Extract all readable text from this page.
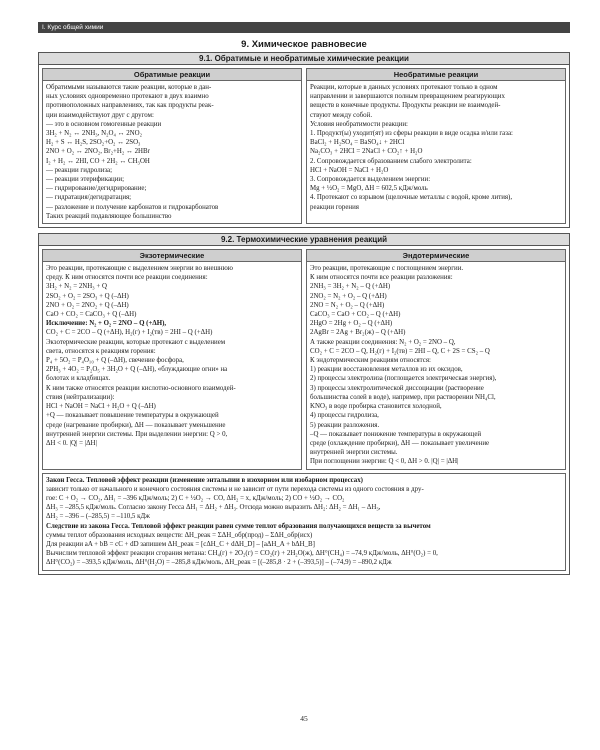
I. Курс общей химии
9. Химическое равновесие
9.1. Обратимые и необратимые химические реакции
Обратимые реакции
Обратимыми называются такие реакции, которые в дан-
ных условиях одновременно протекают в двух взаимно
противоположных направлениях, так как продукты реак-
ции взаимодействуют друг с другом:
— это в основном гомогенные реакции
3H₂ + N₂ ↔ 2NH₃, N₂O₄ ↔ 2NO₂
H₂ + S ↔ H₂S, 2SO₂+O₂ ↔ 2SO₃
2NO + O₂ ↔ 2NO₂, Br₂+H₂ ↔ 2HBr
I₂ + H₂ ↔ 2HI, CO + 2H₂ ↔ CH₃OH
— реакции гидролиза;
— реакции этерификации;
— гидрирование/дегидрирование;
— гидратация/дегидратация;
— разложение и получение карбонатов и гидрокарбонатов
Таких реакций подавляющее большинство
Необратимые реакции
Реакции, которые в данных условиях протекают только в одном
направлении и завершаются полным превращением реагирующих
веществ в конечные продукты. Продукты реакции не взаимодей-
ствуют между собой.
Условия необратимости реакции:
1. Продукт(ы) уходит(ят) из сферы реакции в виде осадка и/или газа:
BaCl₂ + H₂SO₄ = BaSO₄↓ + 2HCl
Na₂CO₃ + 2HCl = 2NaCl + CO₂↑ + H₂O
2. Сопровождается образованием слабого электролита:
HCl + NaOH = NaCl + H₂O
3. Сопровождается выделением энергии:
Mg + ½O₂ = MgO, ΔH = 602,5 кДж/моль
4. Протекают со взрывом (щелочные металлы с водой, кроме лития),
реакции горения
9.2. Термохимические уравнения реакций
Экзотермические
Это реакции, протекающие с выделением энергии во внешнюю
среду. К ним относятся почти все реакции соединения:
3H₂ + N₂ = 2NH₃ + Q
2SO₂ + O₂ = 2SO₃ + Q (–ΔH)
2NO + O₂ = 2NO₂ + Q (–ΔH)
CaO + CO₂ = CaCO₃ + Q (–ΔH)
Исключение: N₂ + O₂ = 2NO – Q (+ΔH),
CO₂ + C = 2CO – Q (+ΔH), H₂(г) + I₂(тв) = 2HI – Q (+ΔH)
Экзотермические реакции, которые протекают с выделением
света, относятся к реакциям горения:
P₄ + 5O₂ = P₄O₁₀ + Q (–ΔH), свечение фосфора,
2PH₃ + 4O₂ = P₂O₅ + 3H₂O + Q (–ΔH), «блуждающие огни» на
болотах и кладбищах.
К ним также относятся реакции кислотно-основного взаимодей-
ствия (нейтрализации):
HCl + NaOH = NaCl + H₂O + Q (–ΔH)
+Q — показывает повышение температуры в окружающей
среде (нагревание пробирки), ΔH — показывает уменьшение
внутренней энергии системы. При выделении энергии: Q > 0,
ΔH < 0. |Q| = |ΔH|
Эндотермические
Это реакции, протекающие с поглощением энергии.
К ним относятся почти все реакции разложения:
2NH₃ = 3H₂ + N₂ – Q (+ΔH)
2NO₂ = N₂ + O₂ – Q (+ΔH)
2NO = N₂ + O₂ – Q (+ΔH)
CaCO₃ = CaO + CO₂ – Q (+ΔH)
2HgO = 2Hg + O₂ – Q (+ΔH)
2AgBr = 2Ag + Br₂(ж) – Q (+ΔH)
А также реакции соединения: N₂ + O₂ = 2NO – Q,
CO₂ + C = 2CO – Q, H₂(г) + I₂(тв) = 2HI – Q, C + 2S = CS₂ – Q
К эндотермическим реакциям относятся:
1) реакции восстановления металлов из их оксидов,
2) процессы электролиза (поглощается электрическая энергия),
3) процессы электролитической диссоциации (растворение
большинства солей в воде), например, при растворении NH₄Cl,
KNO₃ в воде пробирка становится холодной,
4) процессы гидролиза,
5) реакции разложения.
–Q — показывает понижение температуры в окружающей
среде (охлаждение пробирки), ΔH — показывает увеличение
внутренней энергии системы.
При поглощении энергии: Q < 0, ΔH > 0. |Q| = |ΔH|
Закон Гесса. Тепловой эффект реакции (изменение энтальпии в изохорном или изобарном процессах)
зависит только от начального и конечного состояния системы и не зависит от пути перехода системы из одного состояния в дру-
гое: C + O₂ → CO₂, ΔH₁ = –396 кДж/моль; 2) C + ½O₂ → CO, ΔH₂ = x, кДж/моль; 2) CO + ½O₂ → CO₂
ΔH₃ = –285,5 кДж/моль. Согласно закону Гесса ΔH₁ = ΔH₂ + ΔH₃. Отсюда можно выразить ΔH₂: ΔH₂ = ΔH₁ – ΔH₃,
ΔH₂ = –396 – (–285,5) = –110,5 кДж
Следствие из закона Гесса. Тепловой эффект реакции равен сумме теплот образования получающихся веществ за вычетом
суммы теплот образования исходных веществ: ΔH_реак = ΣΔH_обр(прод) – ΣΔH_обр(исх)
Для реакции aA + bB = cC + dD запишем ΔH_реак = [cΔH_C + dΔH_D] – [aΔH_A + bΔH_B]
Вычислим тепловой эффект реакции сгорания метана: CH₄(г) + 2O₂(г) = CO₂(г) + 2H₂O(ж), ΔH°(CH₄) = –74,9 кДж/моль, ΔH°(O₂) = 0,
ΔH°(CO₂) = –393,5 кДж/моль, ΔH°(H₂O) = –285,8 кДж/моль, ΔH_реак = [(–285,8 · 2 + (–393,5)] – (–74,9) = –890,2 кДж
45
